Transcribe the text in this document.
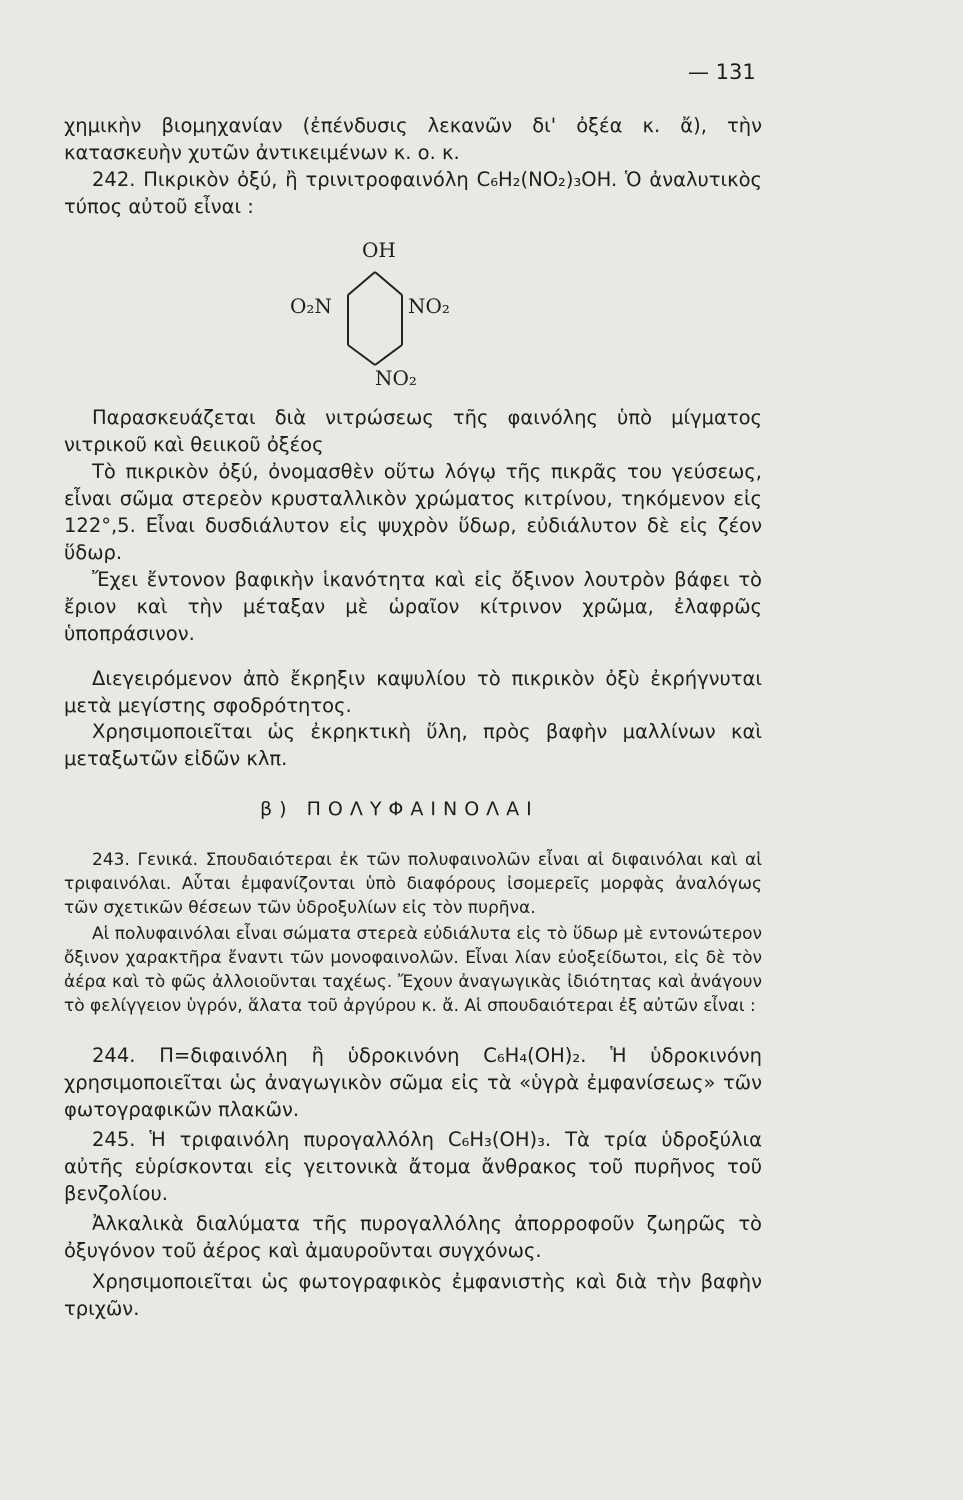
— 131

χημικὴν βιομηχανίαν (ἐπένδυσις λεκανῶν δι' ὀξέα κ. ἄ), τὴν κατασκευὴν χυτῶν ἀντικειμένων κ. ο. κ.

242. Πικρικὸν ὀξύ, ἢ τρινιτροφαινόλη C₆H₂(NO₂)₃OH. Ὁ ἀναλυτικὸς τύπος αὐτοῦ εἶναι :

OH
O₂N	NO₂
NO₂

Παρασκευάζεται διὰ νιτρώσεως τῆς φαινόλης ὑπὸ μίγματος νιτρικοῦ καὶ θειικοῦ ὀξέος

Τὸ πικρικὸν ὀξύ, ὀνομασθὲν οὕτω λόγῳ τῆς πικρᾶς του γεύσεως, εἶναι σῶμα στερεὸν κρυσταλλικὸν χρώματος κιτρίνου, τηκόμενον εἰς 122°,5. Εἶναι δυσδιάλυτον εἰς ψυχρὸν ὕδωρ, εὐδιάλυτον δὲ εἰς ζέον ὕδωρ.

Ἔχει ἔντονον βαφικὴν ἱκανότητα καὶ εἰς ὄξινον λουτρὸν βάφει τὸ ἔριον καὶ τὴν μέταξαν μὲ ὡραῖον κίτρινον χρῶμα, ἐλαφρῶς ὑποπράσινον.

Διεγειρόμενον ἀπὸ ἔκρηξιν καψυλίου τὸ πικρικὸν ὀξὺ ἐκρήγνυται μετὰ μεγίστης σφοδρότητος.

Χρησιμοποιεῖται ὡς ἐκρηκτικὴ ὕλη, πρὸς βαφὴν μαλλίνων καὶ μεταξωτῶν εἰδῶν κλπ.

β) ΠΟΛΥΦΑΙΝΟΛΑΙ

243. Γενικά. Σπουδαιότεραι ἐκ τῶν πολυφαινολῶν εἶναι αἱ διφαινόλαι καὶ αἱ τριφαινόλαι. Αὗται ἐμφανίζονται ὑπὸ διαφόρους ἰσομερεῖς μορφὰς ἀναλόγως τῶν σχετικῶν θέσεων τῶν ὑδροξυλίων εἰς τὸν πυρῆνα.

Αἱ πολυφαινόλαι εἶναι σώματα στερεὰ εὐδιάλυτα εἰς τὸ ὕδωρ μὲ εντονώτερον ὄξινον χαρακτῆρα ἔναντι τῶν μονοφαινολῶν. Εἶναι λίαν εὐοξείδωτοι, εἰς δὲ τὸν ἀέρα καὶ τὸ φῶς ἀλλοιοῦνται ταχέως. Ἔχουν ἀναγωγικὰς ἰδιότητας καὶ ἀνάγουν τὸ φελίγγειον ὑγρόν, ἅλατα τοῦ ἀργύρου κ. ἄ. Αἱ σπουδαιότεραι ἐξ αὐτῶν εἶναι :

244. Π=διφαινόλη ἢ ὑδροκινόνη C₆H₄(OH)₂. Ἡ ὑδροκινόνη χρησιμοποιεῖται ὡς ἀναγωγικὸν σῶμα εἰς τὰ «ὑγρὰ ἐμφανίσεως» τῶν φωτογραφικῶν πλακῶν.

245. Ἡ τριφαινόλη πυρογαλλόλη C₆H₃(OH)₃. Τὰ τρία ὑδροξύλια αὐτῆς εὑρίσκονται εἰς γειτονικὰ ἄτομα ἄνθρακος τοῦ πυρῆνος τοῦ βενζολίου.

Ἀλκαλικὰ διαλύματα τῆς πυρογαλλόλης ἀπορροφοῦν ζωηρῶς τὸ ὀξυγόνον τοῦ ἀέρος καὶ ἀμαυροῦνται συγχόνως.

Χρησιμοποιεῖται ὡς φωτογραφικὸς ἐμφανιστὴς καὶ διὰ τὴν βαφὴν τριχῶν.
